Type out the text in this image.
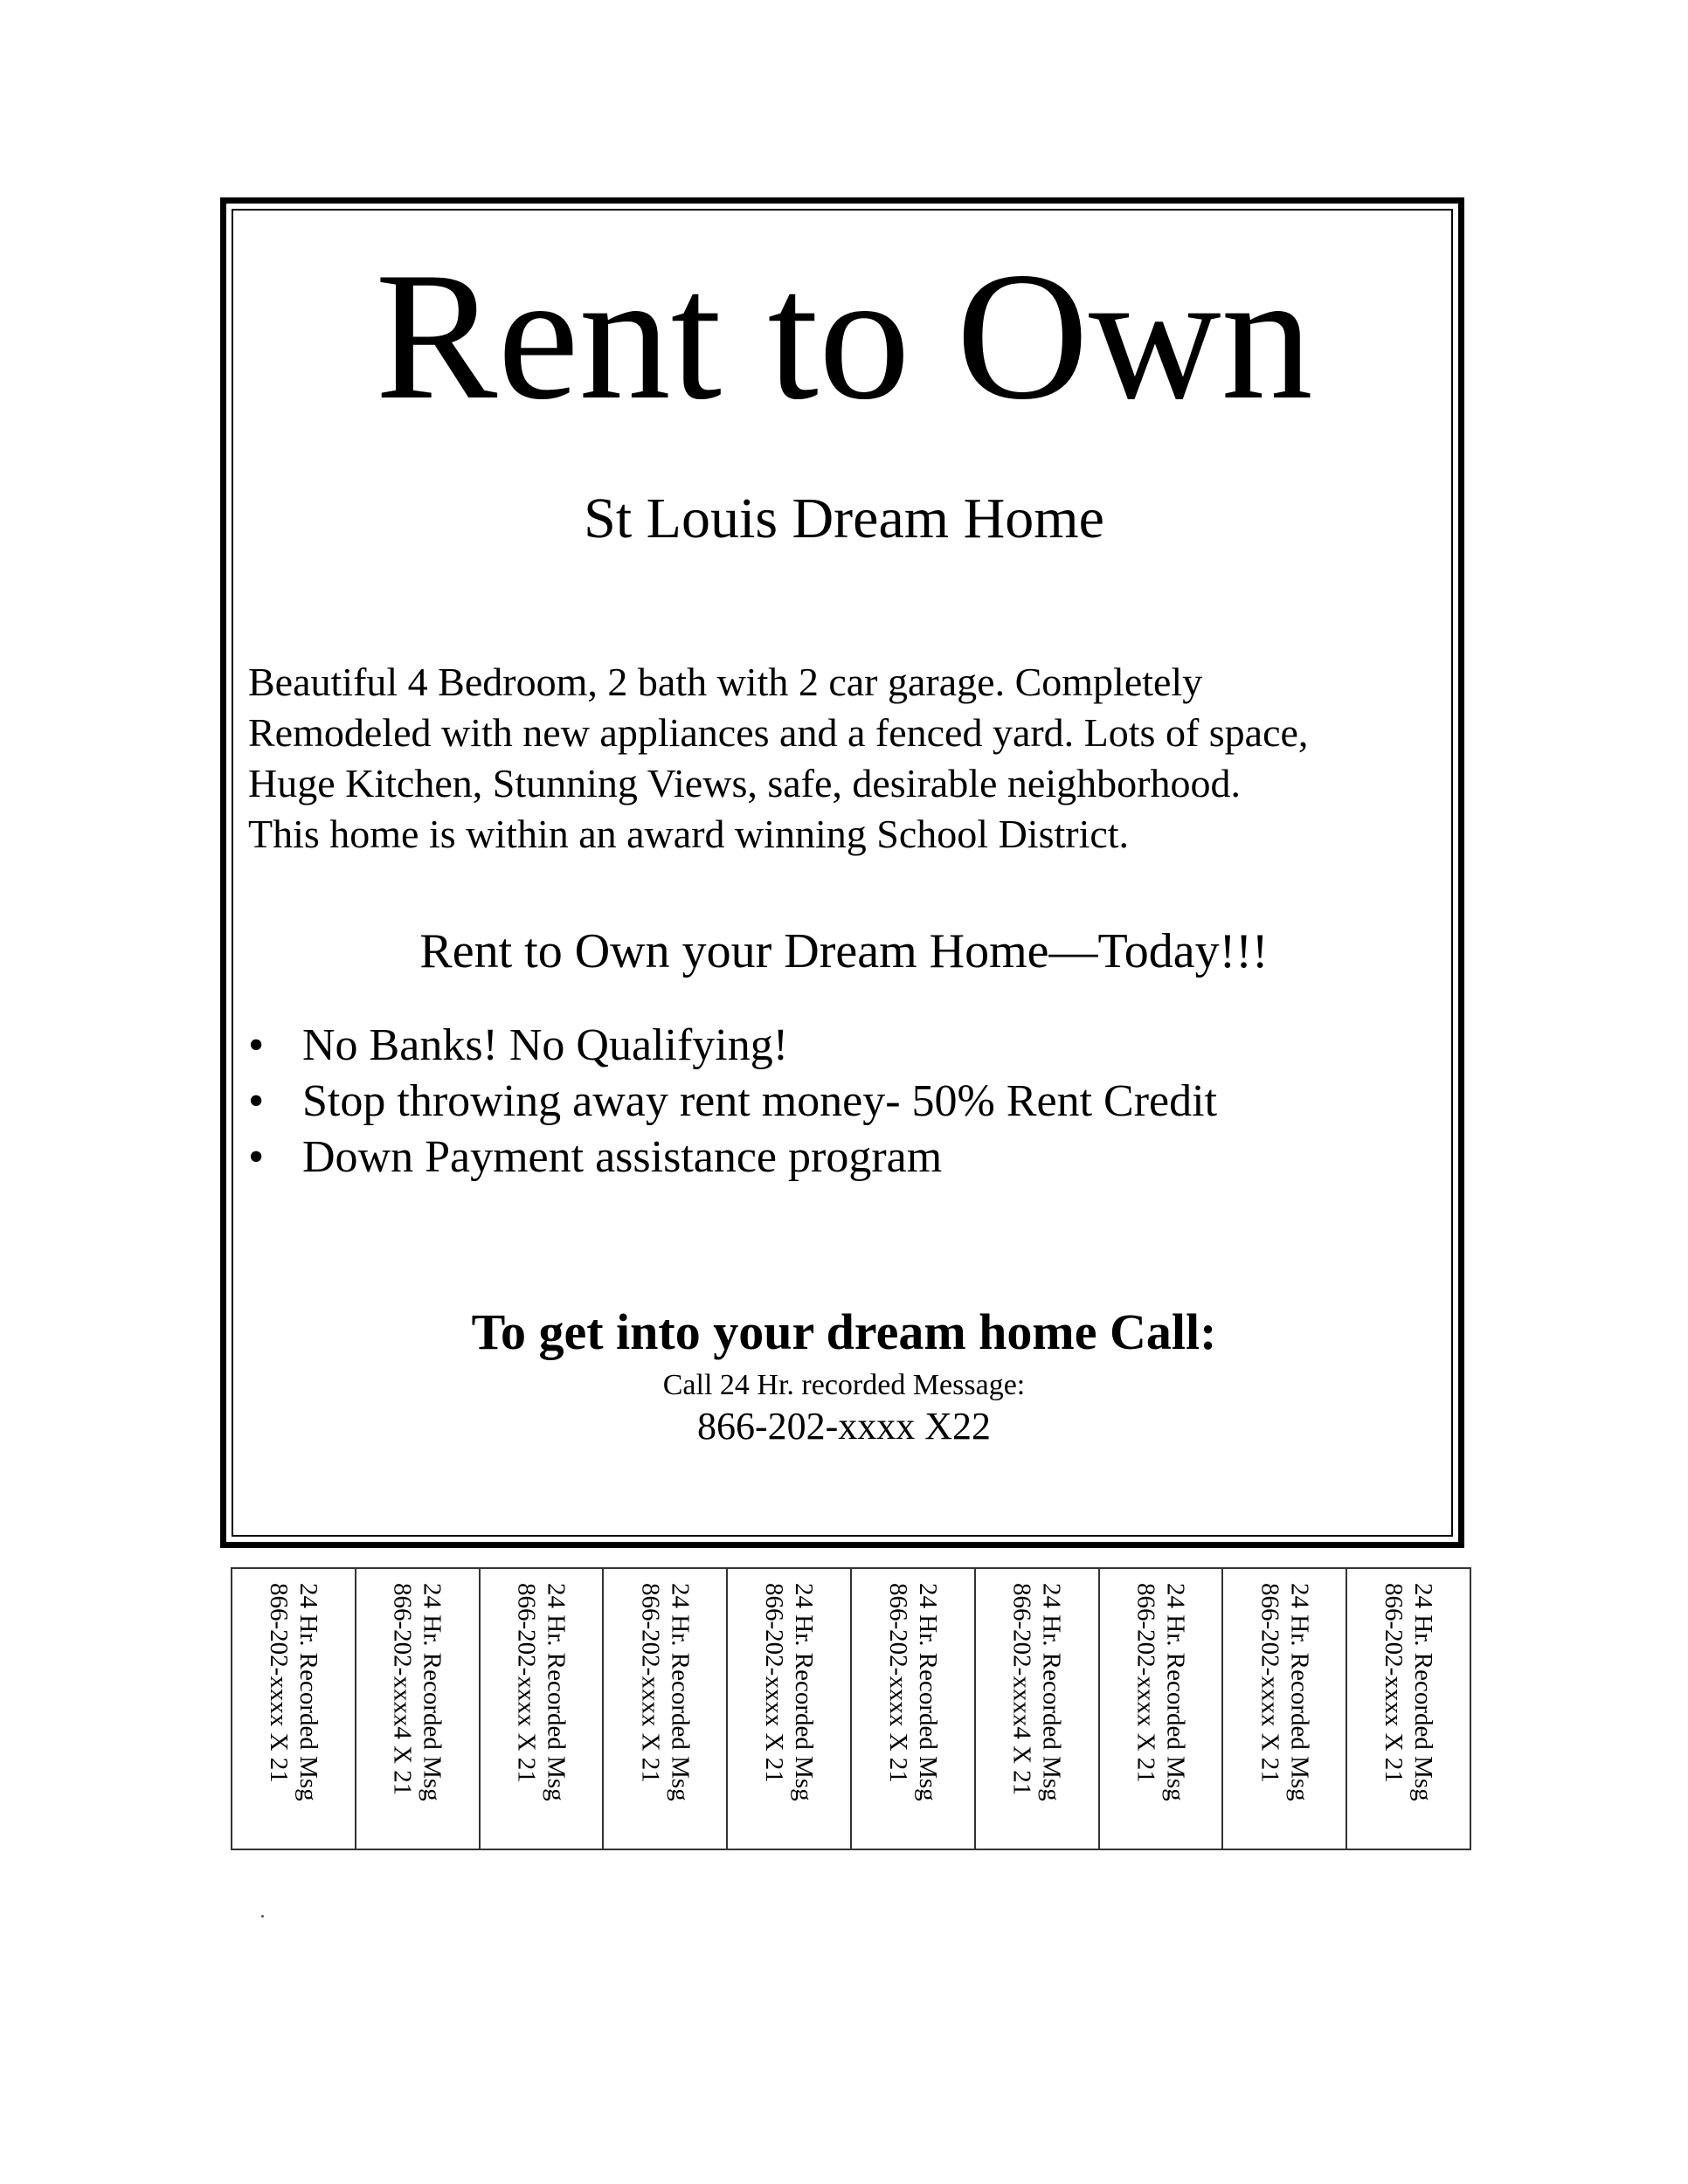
Rent to Own
St Louis Dream Home

Beautiful 4 Bedroom, 2 bath with 2 car garage. Completely
Remodeled with new appliances and a fenced yard. Lots of space,
Huge Kitchen, Stunning Views, safe, desirable neighborhood.
This home is within an award winning School District.

Rent to Own your Dream Home—Today!!!

• No Banks! No Qualifying!
• Stop throwing away rent money- 50% Rent Credit
• Down Payment assistance program

To get into your dream home Call:

Call 24 Hr. recorded Message:

866-202-xxxx X22

24 Hr. Recorded Msg
866-202-xxxx X 21	24 Hr. Recorded Msg
866-202-xxxx4 X 21	24 Hr. Recorded Msg
866-202-xxxx X 21	24 Hr. Recorded Msg
866-202-xxxx X 21	24 Hr. Recorded Msg
866-202-xxxx X 21	24 Hr. Recorded Msg
866-202-xxxx X 21	24 Hr. Recorded Msg
866-202-xxxx4 X 21	24 Hr. Recorded Msg
866-202-xxxx X 21	24 Hr. Recorded Msg
866-202-xxxx X 21	24 Hr. Recorded Msg
866-202-xxxx X 21
